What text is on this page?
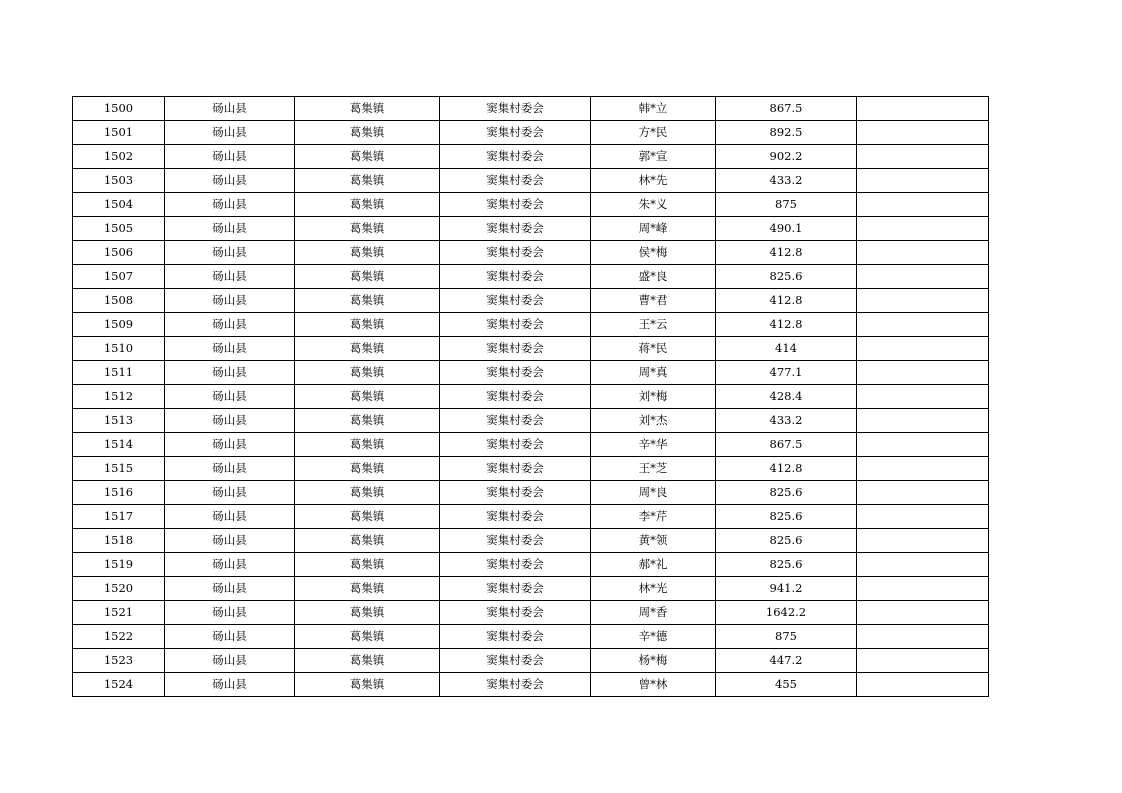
1500	砀山县	葛集镇	窦集村委会	韩*立	867.5	
1501	砀山县	葛集镇	窦集村委会	方*民	892.5	
1502	砀山县	葛集镇	窦集村委会	郭*宣	902.2	
1503	砀山县	葛集镇	窦集村委会	林*先	433.2	
1504	砀山县	葛集镇	窦集村委会	朱*义	875	
1505	砀山县	葛集镇	窦集村委会	周*峰	490.1	
1506	砀山县	葛集镇	窦集村委会	侯*梅	412.8	
1507	砀山县	葛集镇	窦集村委会	盛*良	825.6	
1508	砀山县	葛集镇	窦集村委会	曹*君	412.8	
1509	砀山县	葛集镇	窦集村委会	王*云	412.8	
1510	砀山县	葛集镇	窦集村委会	蒋*民	414	
1511	砀山县	葛集镇	窦集村委会	周*真	477.1	
1512	砀山县	葛集镇	窦集村委会	刘*梅	428.4	
1513	砀山县	葛集镇	窦集村委会	刘*杰	433.2	
1514	砀山县	葛集镇	窦集村委会	辛*华	867.5	
1515	砀山县	葛集镇	窦集村委会	王*芝	412.8	
1516	砀山县	葛集镇	窦集村委会	周*良	825.6	
1517	砀山县	葛集镇	窦集村委会	李*芹	825.6	
1518	砀山县	葛集镇	窦集村委会	黄*领	825.6	
1519	砀山县	葛集镇	窦集村委会	郝*礼	825.6	
1520	砀山县	葛集镇	窦集村委会	林*光	941.2	
1521	砀山县	葛集镇	窦集村委会	周*香	1642.2	
1522	砀山县	葛集镇	窦集村委会	辛*德	875	
1523	砀山县	葛集镇	窦集村委会	杨*梅	447.2	
1524	砀山县	葛集镇	窦集村委会	曾*林	455	
